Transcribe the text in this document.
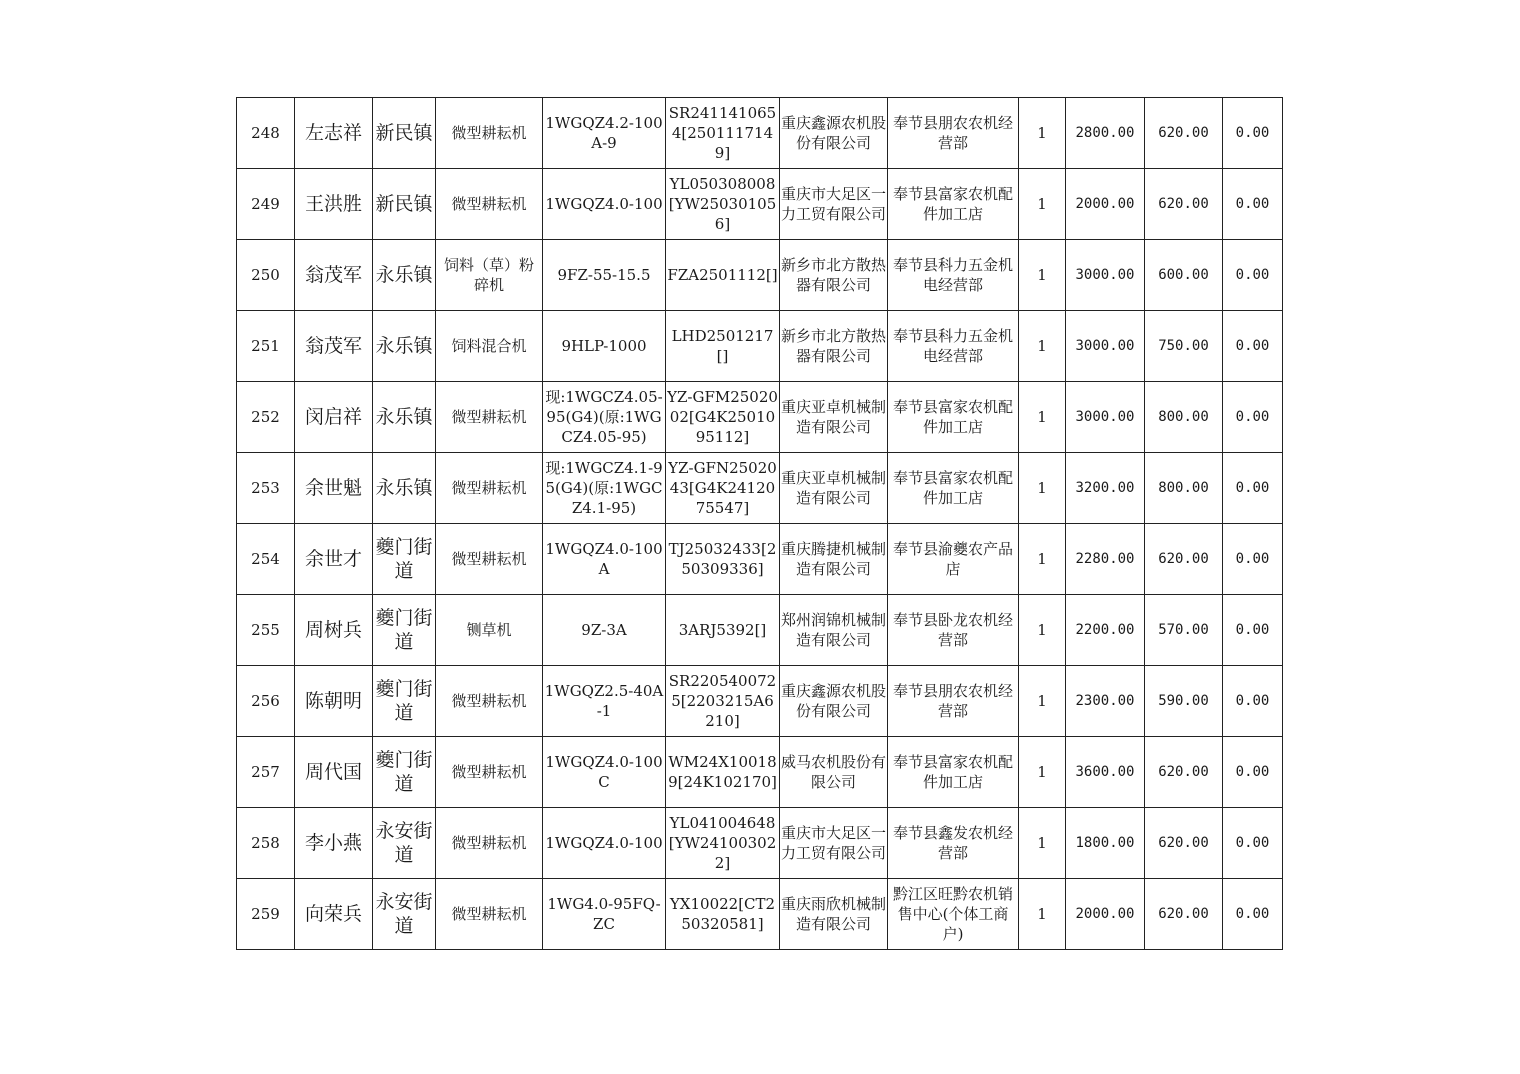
248	左志祥	新民镇	微型耕耘机	1WGQZ4.2-100A-9	SR2411410654[2501117149]	重庆鑫源农机股份有限公司	奉节县朋农农机经营部	1	2800.00	620.00	0.00

249	王洪胜	新民镇	微型耕耘机	1WGQZ4.0-100	YL050308008[YW250301056]	重庆市大足区一力工贸有限公司	奉节县富家农机配件加工店	1	2000.00	620.00	0.00

250	翁茂军	永乐镇	饲料（草）粉碎机	9FZ-55-15.5	FZA2501112[]	新乡市北方散热器有限公司	奉节县科力五金机电经营部	1	3000.00	600.00	0.00

251	翁茂军	永乐镇	饲料混合机	9HLP-1000	LHD2501217[]	新乡市北方散热器有限公司	奉节县科力五金机电经营部	1	3000.00	750.00	0.00

252	闵启祥	永乐镇	微型耕耘机	现:1WGCZ4.05-95(G4)(原:1WGCZ4.05-95)	YZ-GFM2502002[G4K2501095112]	重庆亚卓机械制造有限公司	奉节县富家农机配件加工店	1	3000.00	800.00	0.00

253	余世魁	永乐镇	微型耕耘机	现:1WGCZ4.1-95(G4)(原:1WGCZ4.1-95)	YZ-GFN2502043[G4K2412075547]	重庆亚卓机械制造有限公司	奉节县富家农机配件加工店	1	3200.00	800.00	0.00

254	余世才	夔门街道	微型耕耘机	1WGQZ4.0-100A	TJ25032433[250309336]	重庆腾捷机械制造有限公司	奉节县渝夔农产品店	1	2280.00	620.00	0.00

255	周树兵	夔门街道	铡草机	9Z-3A	3ARJ5392[]	郑州润锦机械制造有限公司	奉节县卧龙农机经营部	1	2200.00	570.00	0.00

256	陈朝明	夔门街道	微型耕耘机	1WGQZ2.5-40A-1	SR2205400725[2203215A6210]	重庆鑫源农机股份有限公司	奉节县朋农农机经营部	1	2300.00	590.00	0.00

257	周代国	夔门街道	微型耕耘机	1WGQZ4.0-100C	WM24X100189[24K102170]	威马农机股份有限公司	奉节县富家农机配件加工店	1	3600.00	620.00	0.00

258	李小燕	永安街道	微型耕耘机	1WGQZ4.0-100	YL041004648[YW241003022]	重庆市大足区一力工贸有限公司	奉节县鑫发农机经营部	1	1800.00	620.00	0.00

259	向荣兵	永安街道	微型耕耘机	1WG4.0-95FQ-ZC	YX10022[CT250320581]	重庆雨欣机械制造有限公司	黔江区旺黔农机销售中心(个体工商户)	1	2000.00	620.00	0.00
